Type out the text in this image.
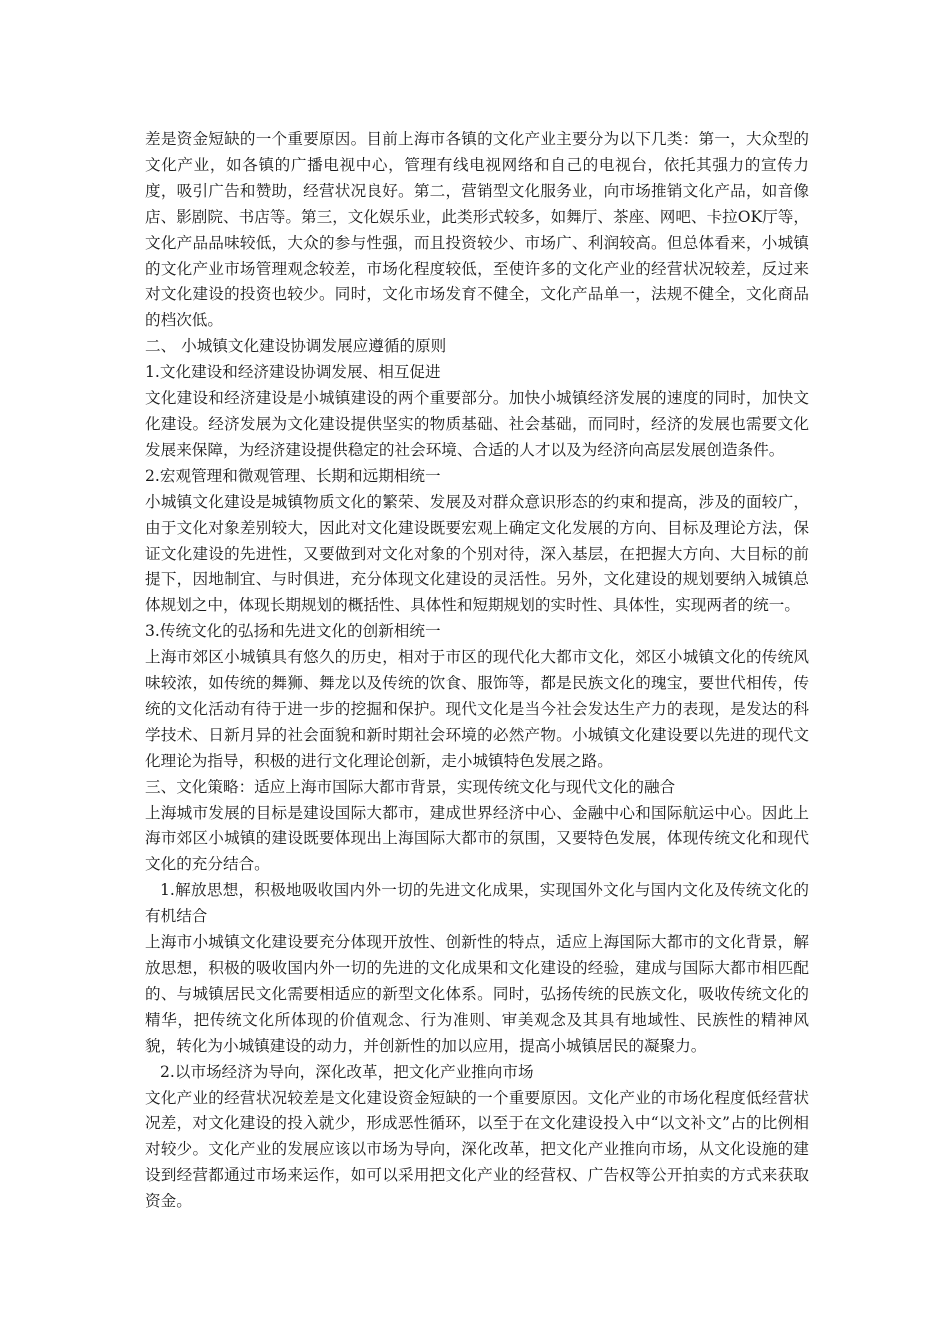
差是资金短缺的一个重要原因。目前上海市各镇的文化产业主要分为以下几类：第一，大众型的文化产业，如各镇的广播电视中心，管理有线电视网络和自己的电视台，依托其强力的宣传力度，吸引广告和赞助，经营状况良好。第二，营销型文化服务业，向市场推销文化产品，如音像店、影剧院、书店等。第三，文化娱乐业，此类形式较多，如舞厅、茶座、网吧、卡拉OK厅等，文化产品品味较低，大众的参与性强，而且投资较少、市场广、利润较高。但总体看来，小城镇的文化产业市场管理观念较差，市场化程度较低，至使许多的文化产业的经营状况较差，反过来对文化建设的投资也较少。同时，文化市场发育不健全，文化产品单一，法规不健全，文化商品的档次低。

二、 小城镇文化建设协调发展应遵循的原则

1.文化建设和经济建设协调发展、相互促进

文化建设和经济建设是小城镇建设的两个重要部分。加快小城镇经济发展的速度的同时，加快文化建设。经济发展为文化建设提供坚实的物质基础、社会基础，而同时，经济的发展也需要文化发展来保障，为经济建设提供稳定的社会环境、合适的人才以及为经济向高层发展创造条件。

2.宏观管理和微观管理、长期和远期相统一

小城镇文化建设是城镇物质文化的繁荣、发展及对群众意识形态的约束和提高，涉及的面较广，由于文化对象差别较大，因此对文化建设既要宏观上确定文化发展的方向、目标及理论方法，保证文化建设的先进性，又要做到对文化对象的个别对待，深入基层，在把握大方向、大目标的前提下，因地制宜、与时俱进，充分体现文化建设的灵活性。另外，文化建设的规划要纳入城镇总体规划之中，体现长期规划的概括性、具体性和短期规划的实时性、具体性，实现两者的统一。

3.传统文化的弘扬和先进文化的创新相统一

上海市郊区小城镇具有悠久的历史，相对于市区的现代化大都市文化，郊区小城镇文化的传统风味较浓，如传统的舞狮、舞龙以及传统的饮食、服饰等，都是民族文化的瑰宝，要世代相传，传统的文化活动有待于进一步的挖掘和保护。现代文化是当今社会发达生产力的表现，是发达的科学技术、日新月异的社会面貌和新时期社会环境的必然产物。小城镇文化建设要以先进的现代文化理论为指导，积极的进行文化理论创新，走小城镇特色发展之路。

三、文化策略：适应上海市国际大都市背景，实现传统文化与现代文化的融合

上海城市发展的目标是建设国际大都市，建成世界经济中心、金融中心和国际航运中心。因此上海市郊区小城镇的建设既要体现出上海国际大都市的氛围，又要特色发展，体现传统文化和现代文化的充分结合。

1.解放思想，积极地吸收国内外一切的先进文化成果，实现国外文化与国内文化及传统文化的有机结合

上海市小城镇文化建设要充分体现开放性、创新性的特点，适应上海国际大都市的文化背景，解放思想，积极的吸收国内外一切的先进的文化成果和文化建设的经验，建成与国际大都市相匹配的、与城镇居民文化需要相适应的新型文化体系。同时，弘扬传统的民族文化，吸收传统文化的精华，把传统文化所体现的价值观念、行为准则、审美观念及其具有地域性、民族性的精神风貌，转化为小城镇建设的动力，并创新性的加以应用，提高小城镇居民的凝聚力。

2.以市场经济为导向，深化改革，把文化产业推向市场

文化产业的经营状况较差是文化建设资金短缺的一个重要原因。文化产业的市场化程度低经营状况差，对文化建设的投入就少，形成恶性循环，以至于在文化建设投入中“以文补文”占的比例相对较少。文化产业的发展应该以市场为导向，深化改革，把文化产业推向市场，从文化设施的建设到经营都通过市场来运作，如可以采用把文化产业的经营权、广告权等公开拍卖的方式来获取资金。
